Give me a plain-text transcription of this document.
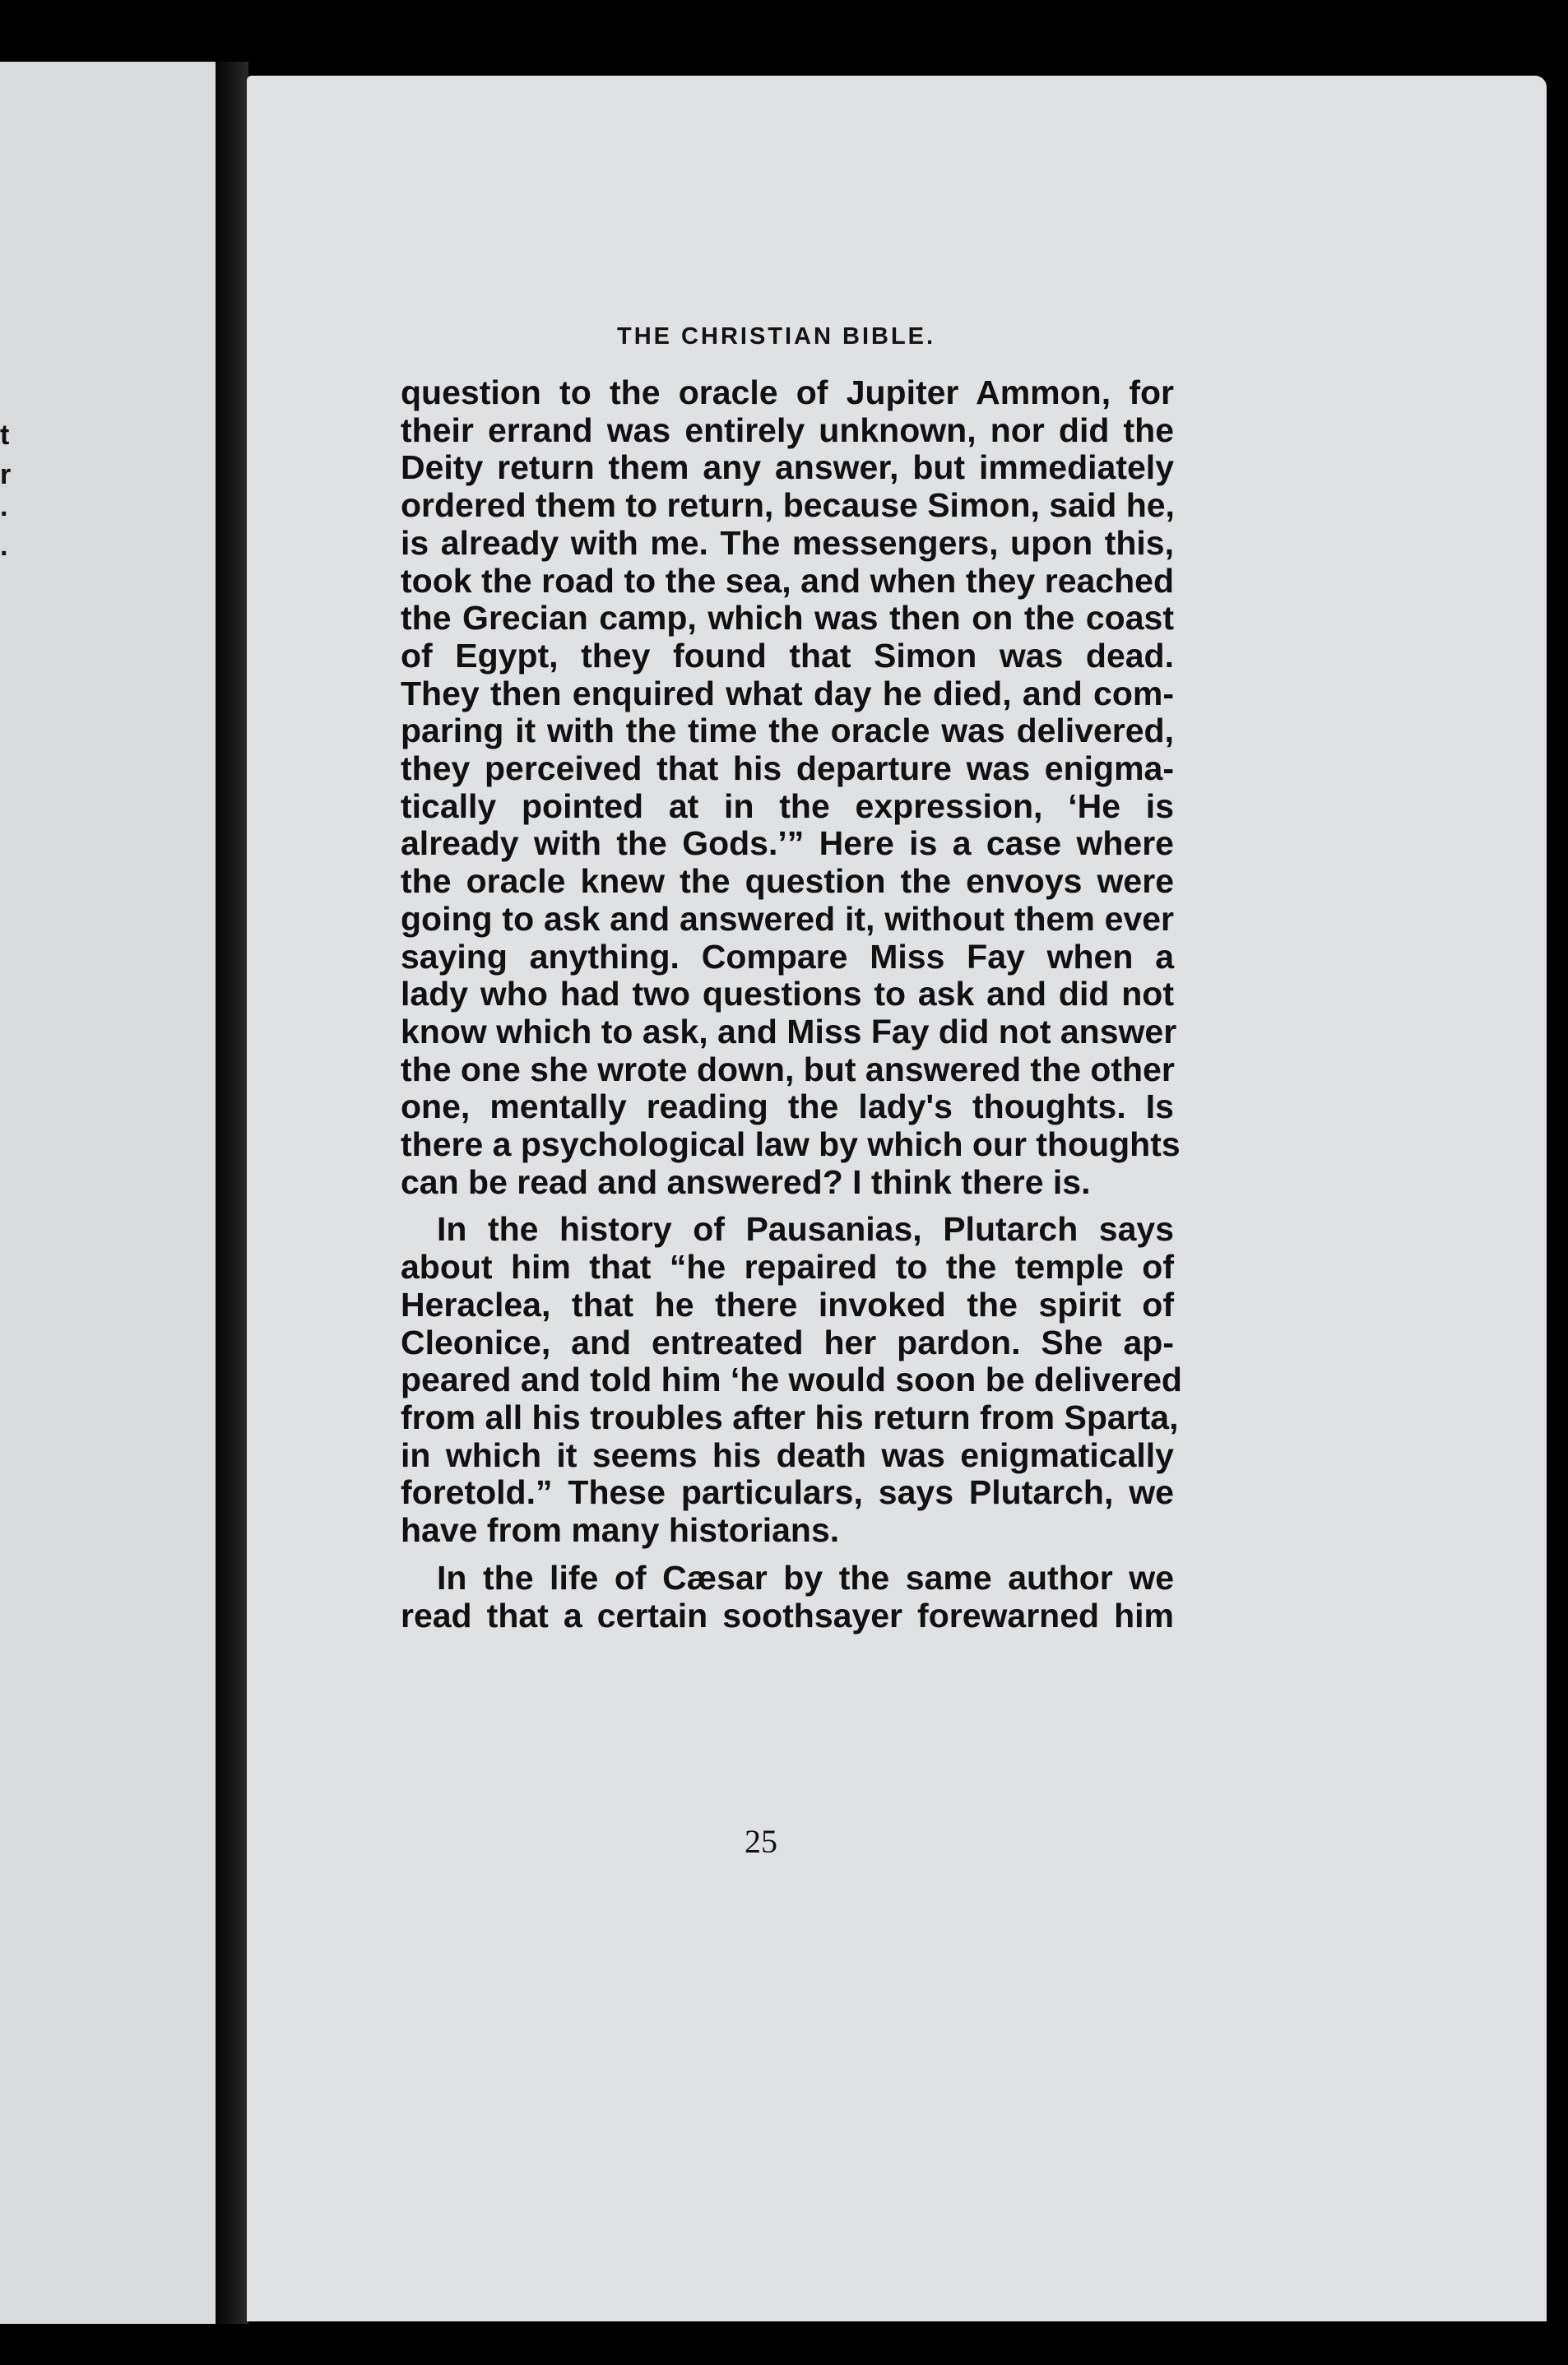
t
r
·
·
THE CHRISTIAN BIBLE.
question to the oracle of Jupiter Ammon, for
their errand was entirely unknown, nor did the
Deity return them any answer, but immediately
ordered them to return, because Simon, said he,
is already with me. The messengers, upon this,
took the road to the sea, and when they reached
the Grecian camp, which was then on the coast
of Egypt, they found that Simon was dead.
They then enquired what day he died, and com-
paring it with the time the oracle was delivered,
they perceived that his departure was enigma-
tically pointed at in the expression, ‘He is
already with the Gods.’” Here is a case where
the oracle knew the question the envoys were
going to ask and answered it, without them ever
saying anything. Compare Miss Fay when a
lady who had two questions to ask and did not
know which to ask, and Miss Fay did not answer
the one she wrote down, but answered the other
one, mentally reading the lady's thoughts. Is
there a psychological law by which our thoughts
can be read and answered? I think there is.
In the history of Pausanias, Plutarch says
about him that “he repaired to the temple of
Heraclea, that he there invoked the spirit of
Cleonice, and entreated her pardon. She ap-
peared and told him ‘he would soon be delivered
from all his troubles after his return from Sparta,
in which it seems his death was enigmatically
foretold.” These particulars, says Plutarch, we
have from many historians.
In the life of Cæsar by the same author we
read that a certain soothsayer forewarned him
25
